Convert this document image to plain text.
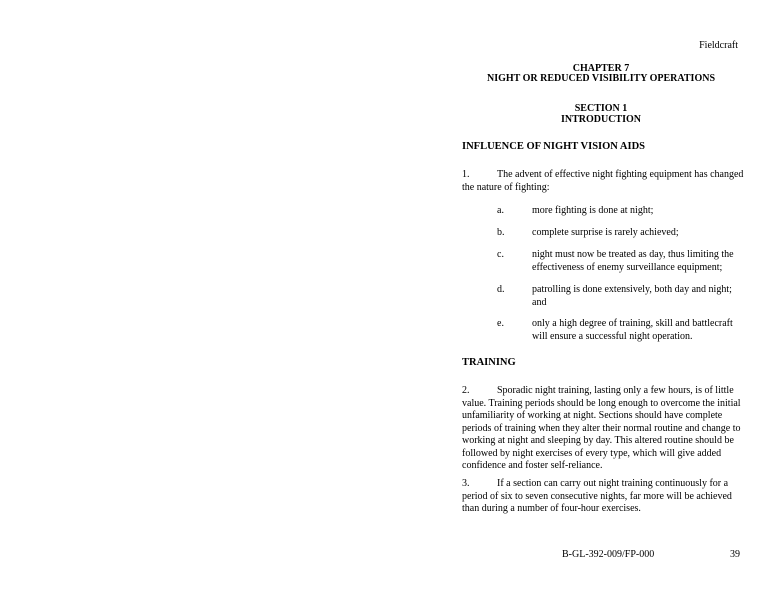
Fieldcraft
CHAPTER 7
NIGHT OR REDUCED VISIBILITY OPERATIONS
SECTION 1
INTRODUCTION
INFLUENCE OF NIGHT VISION AIDS
1.	The advent of effective night fighting equipment has changed the nature of fighting:
a.	more fighting is done at night;
b.	complete surprise is rarely achieved;
c.	night must now be treated as day, thus limiting the effectiveness of enemy surveillance equipment;
d.	patrolling is done extensively, both day and night; and
e.	only a high degree of training, skill and battlecraft will ensure a successful night operation.
TRAINING
2.	Sporadic night training, lasting only a few hours, is of little value. Training periods should be long enough to overcome the initial unfamiliarity of working at night. Sections should have complete periods of training when they alter their normal routine and change to working at night and sleeping by day. This altered routine should be followed by night exercises of every type, which will give added confidence and foster self-reliance.
3.	If a section can carry out night training continuously for a period of six to seven consecutive nights, far more will be achieved than during a number of four-hour exercises.
B-GL-392-009/FP-000	39
